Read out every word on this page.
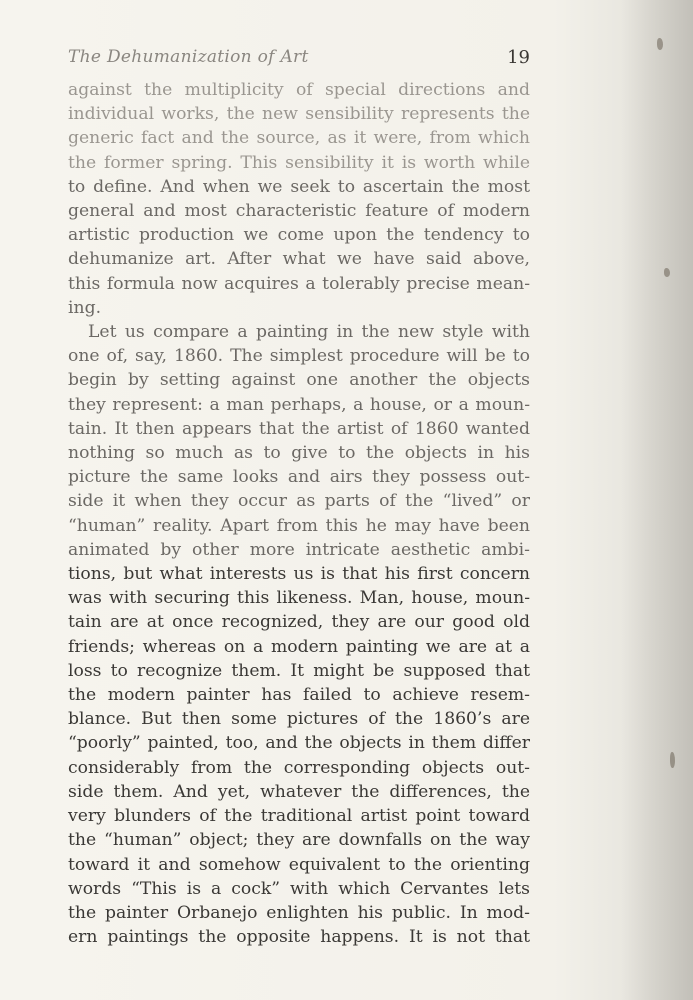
The Dehumanization of Art	19
against the multiplicity of special directions and
individual works, the new sensibility represents the
generic fact and the source, as it were, from which
the former spring. This sensibility it is worth while
to define. And when we seek to ascertain the most
general and most characteristic feature of modern
artistic production we come upon the tendency to
dehumanize art. After what we have said above,
this formula now acquires a tolerably precise mean-
ing.
Let us compare a painting in the new style with
one of, say, 1860. The simplest procedure will be to
begin by setting against one another the objects
they represent: a man perhaps, a house, or a moun-
tain. It then appears that the artist of 1860 wanted
nothing so much as to give to the objects in his
picture the same looks and airs they possess out-
side it when they occur as parts of the “lived” or
“human” reality. Apart from this he may have been
animated by other more intricate aesthetic ambi-
tions, but what interests us is that his first concern
was with securing this likeness. Man, house, moun-
tain are at once recognized, they are our good old
friends; whereas on a modern painting we are at a
loss to recognize them. It might be supposed that
the modern painter has failed to achieve resem-
blance. But then some pictures of the 1860’s are
“poorly” painted, too, and the objects in them differ
considerably from the corresponding objects out-
side them. And yet, whatever the differences, the
very blunders of the traditional artist point toward
the “human” object; they are downfalls on the way
toward it and somehow equivalent to the orienting
words “This is a cock” with which Cervantes lets
the painter Orbanejo enlighten his public. In mod-
ern paintings the opposite happens. It is not that
